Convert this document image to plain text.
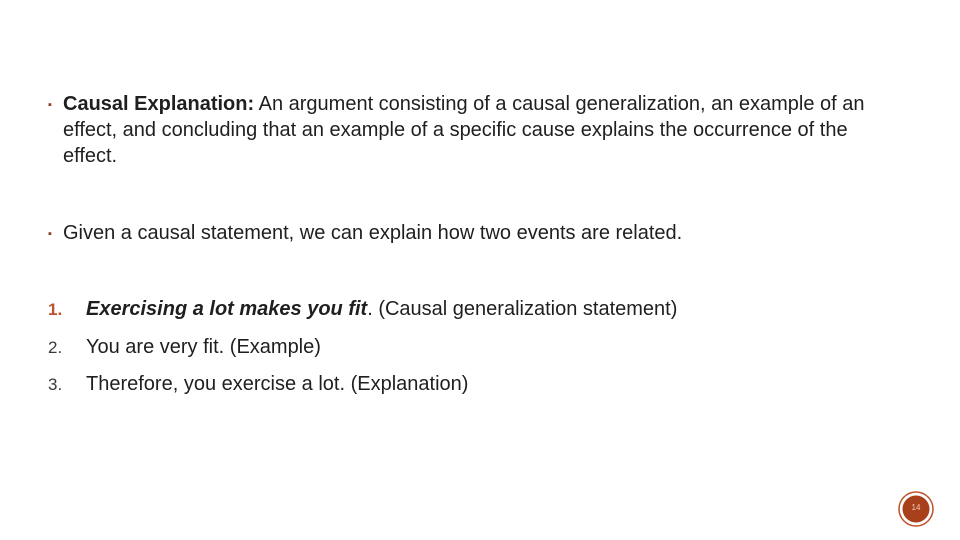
▪ Causal Explanation: An argument consisting of a causal generalization, an example of an effect, and concluding that an example of a specific cause explains the occurrence of the effect.
▪ Given a causal statement, we can explain how two events are related.
1.	Exercising a lot makes you fit. (Causal generalization statement)
2.	You are very fit. (Example)
3.	Therefore, you exercise a lot. (Explanation)
14
